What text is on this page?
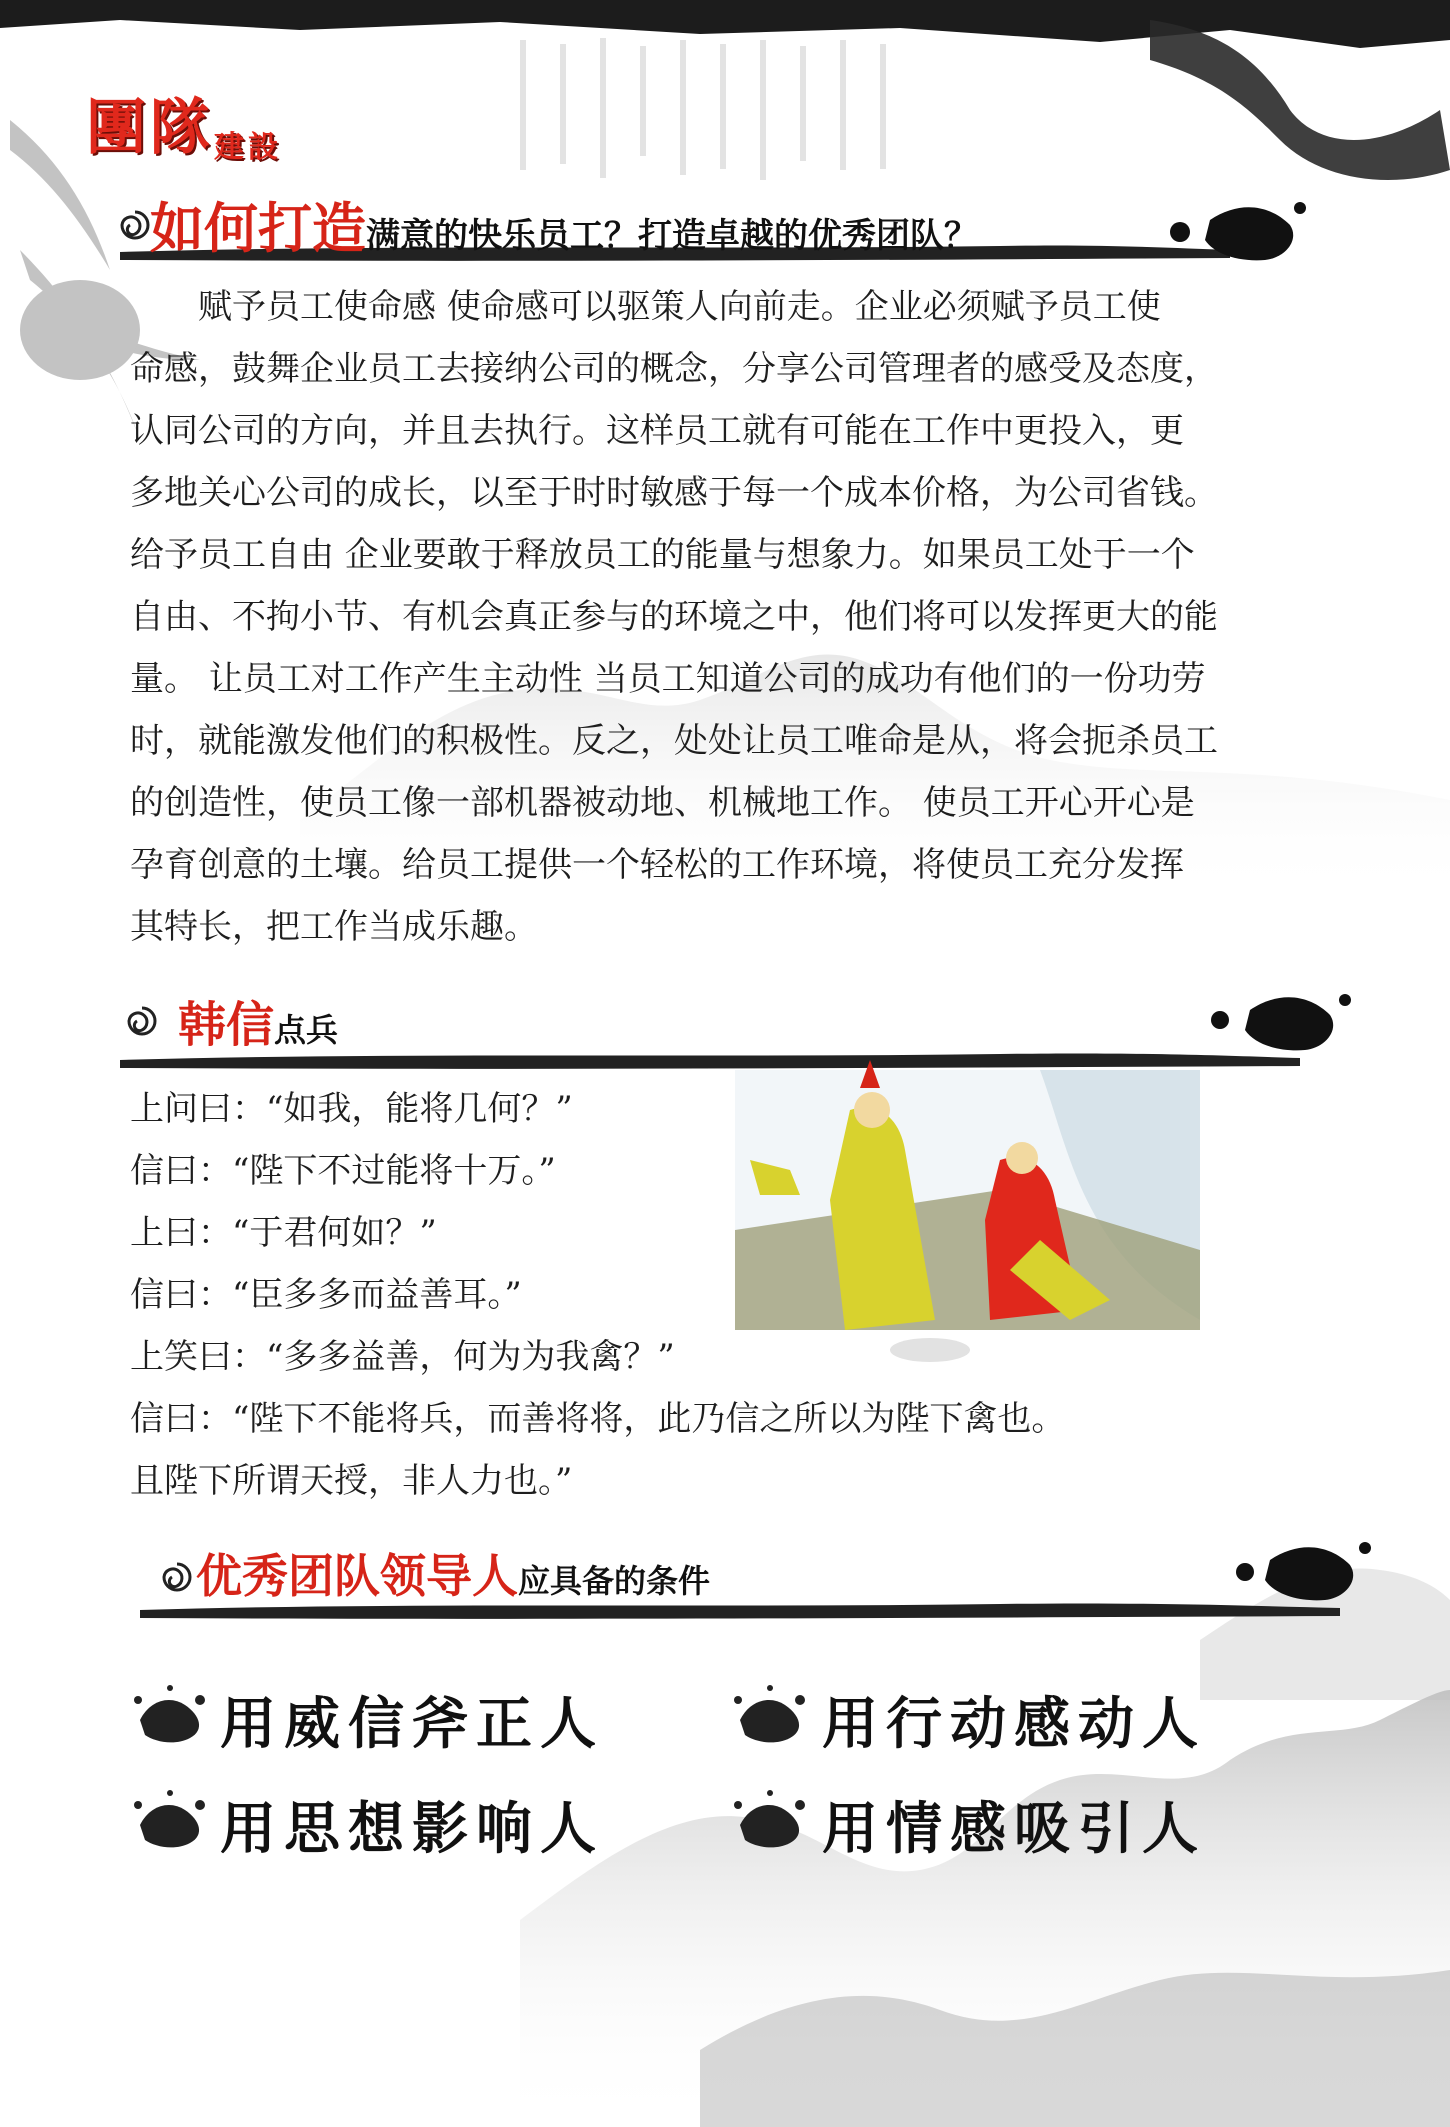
團隊建設
如何打造满意的快乐员工？打造卓越的优秀团队？

　　赋予员工使命感 使命感可以驱策人向前走。企业必须赋予员工使

命感，鼓舞企业员工去接纳公司的概念，分享公司管理者的感受及态度，

认同公司的方向，并且去执行。这样员工就有可能在工作中更投入，更

多地关心公司的成长，以至于时时敏感于每一个成本价格，为公司省钱。

给予员工自由 企业要敢于释放员工的能量与想象力。如果员工处于一个

自由、不拘小节、有机会真正参与的环境之中，他们将可以发挥更大的能

量。 让员工对工作产生主动性 当员工知道公司的成功有他们的一份功劳

时，就能激发他们的积极性。反之，处处让员工唯命是从，将会扼杀员工

的创造性，使员工像一部机器被动地、机械地工作。 使员工开心开心是

孕育创意的土壤。给员工提供一个轻松的工作环境，将使员工充分发挥

其特长，把工作当成乐趣。

韩信点兵
上问曰：“如我，能将几何？”
信曰：“陛下不过能将十万。”
上曰：“于君何如？”
信曰：“臣多多而益善耳。”
上笑曰：“多多益善，何为为我禽？”
信曰：“陛下不能将兵，而善将将，此乃信之所以为陛下禽也。
且陛下所谓天授，非人力也。”
优秀团队领导人应具备的条件
用威信斧正人	用行动感动人
用思想影响人	用情感吸引人
